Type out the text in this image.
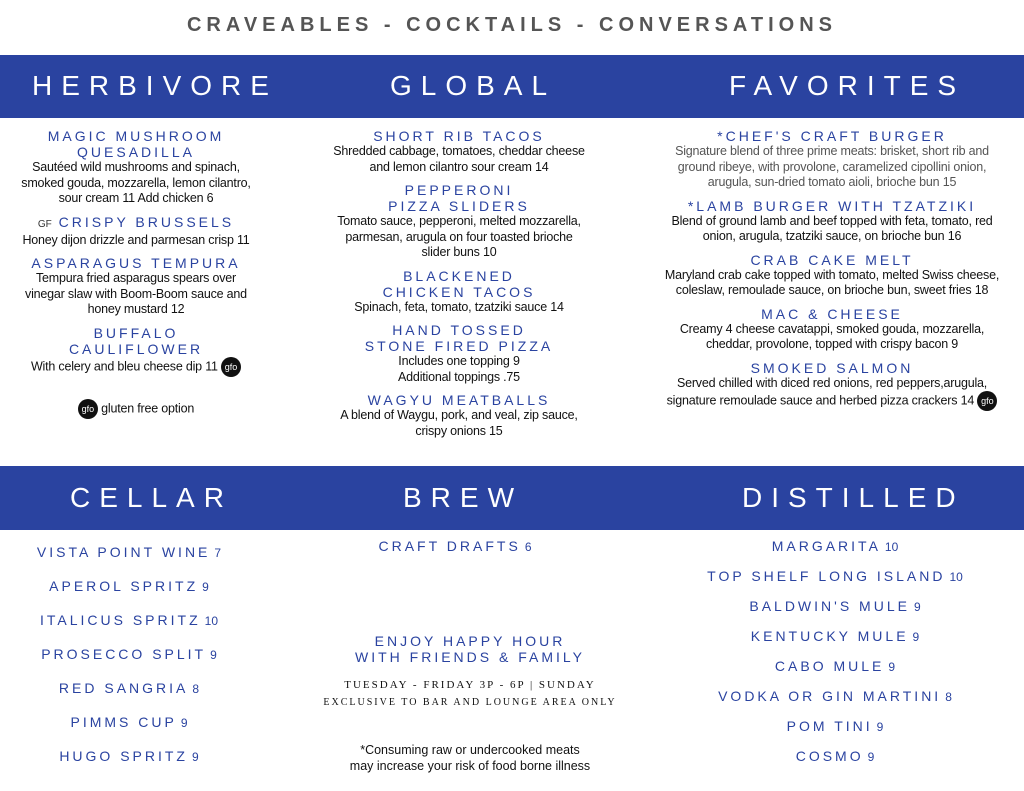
CRAVEABLES - COCKTAILS - CONVERSATIONS
HERBIVORE	GLOBAL	FAVORITES
MAGIC MUSHROOM
QUESADILLA
Sautéed wild mushrooms and spinach, smoked gouda, mozzarella, lemon cilantro, sour cream 11 Add chicken 6
GF CRISPY BRUSSELS
Honey dijon drizzle and parmesan crisp 11
ASPARAGUS TEMPURA
Tempura fried asparagus spears over vinegar slaw with Boom-Boom sauce and honey mustard 12
BUFFALO
CAULIFLOWER
With celery and bleu cheese dip 11 gfo
gfo gluten free option
SHORT RIB TACOS
Shredded cabbage, tomatoes, cheddar cheese and lemon cilantro sour cream 14
PEPPERONI
PIZZA SLIDERS
Tomato sauce, pepperoni, melted mozzarella, parmesan, arugula on four toasted brioche slider buns 10
BLACKENED
CHICKEN TACOS
Spinach, feta, tomato, tzatziki sauce 14
HAND TOSSED
STONE FIRED PIZZA
Includes one topping 9
Additional toppings .75
WAGYU MEATBALLS
A blend of Waygu, pork, and veal, zip sauce, crispy onions 15
*CHEF'S CRAFT BURGER
Signature blend of three prime meats: brisket, short rib and ground ribeye, with provolone, caramelized cipollini onion, arugula, sun-dried tomato aioli, brioche bun 15
*LAMB BURGER WITH TZATZIKI
Blend of ground lamb and beef topped with feta, tomato, red onion, arugula, tzatziki sauce, on brioche bun 16
CRAB CAKE MELT
Maryland crab cake topped with tomato, melted Swiss cheese, coleslaw, remoulade sauce, on brioche bun, sweet fries 18
MAC & CHEESE
Creamy 4 cheese cavatappi, smoked gouda, mozzarella, cheddar, provolone, topped with crispy bacon 9
SMOKED SALMON
Served chilled with diced red onions, red peppers,arugula, signature remoulade sauce and herbed pizza crackers 14 gfo
CELLAR	BREW	DISTILLED
VISTA POINT WINE 7
APEROL SPRITZ 9
ITALICUS SPRITZ 10
PROSECCO SPLIT 9
RED SANGRIA 8
PIMMS CUP 9
HUGO SPRITZ 9
CRAFT DRAFTS 6
ENJOY HAPPY HOUR
WITH FRIENDS & FAMILY
TUESDAY - FRIDAY 3P - 6P | SUNDAY
EXCLUSIVE TO BAR AND LOUNGE AREA ONLY
*Consuming raw or undercooked meats
may increase your risk of food borne illness
MARGARITA 10
TOP SHELF LONG ISLAND 10
BALDWIN'S MULE 9
KENTUCKY MULE 9
CABO MULE 9
VODKA OR GIN MARTINI 8
POM TINI 9
COSMO 9
